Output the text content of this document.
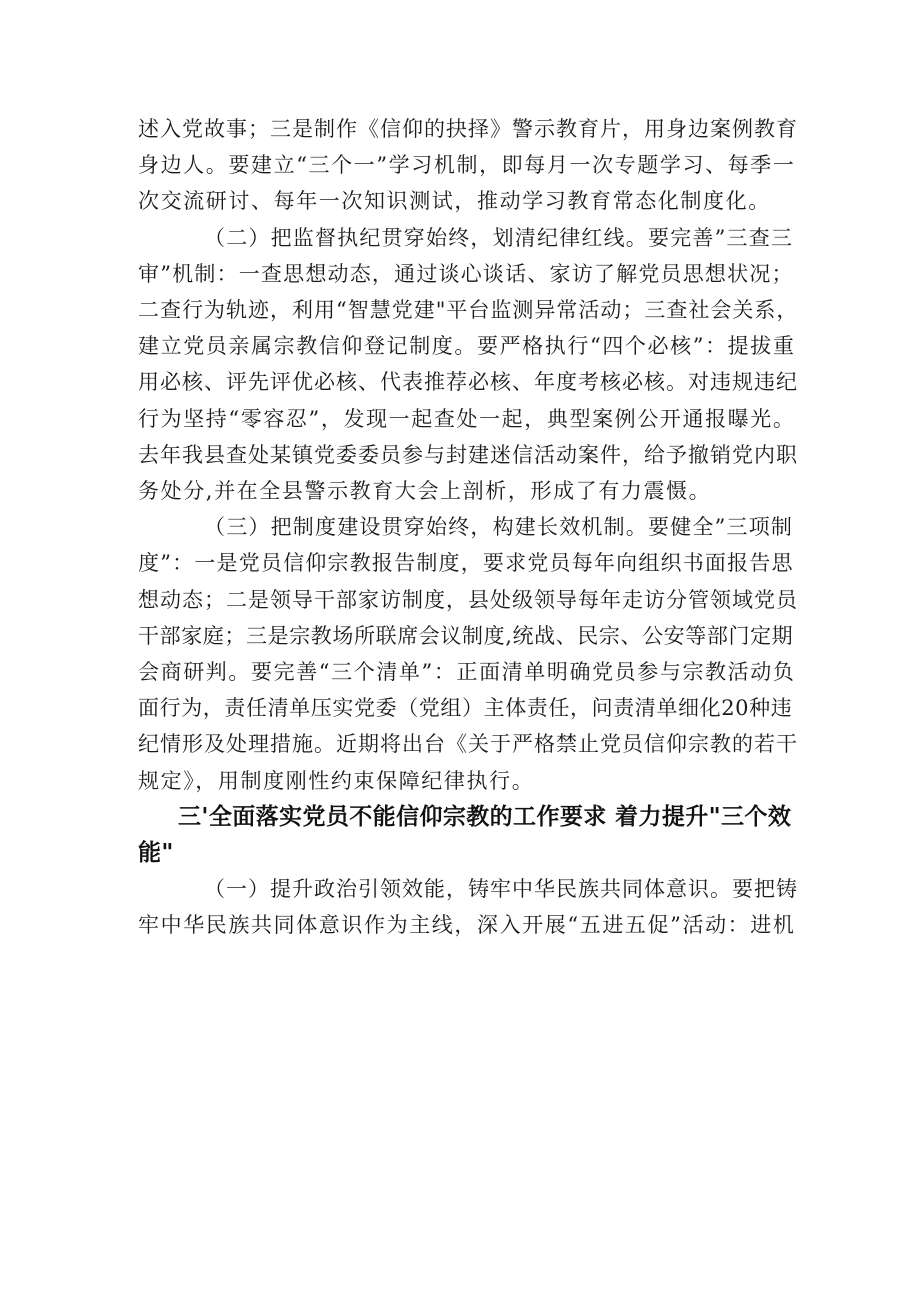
述入党故事；三是制作《信仰的抉择》警示教育片，用身边案例教育
身边人。要建立“三个一”学习机制，即每月一次专题学习、每季一
次交流研讨、每年一次知识测试，推动学习教育常态化制度化。

（二）把监督执纪贯穿始终，划清纪律红线。要完善”三查三
审”机制：一查思想动态，通过谈心谈话、家访了解党员思想状况；
二查行为轨迹，利用“智慧党建"平台监测异常活动；三查社会关系，
建立党员亲属宗教信仰登记制度。要严格执行“四个必核”：提拔重
用必核、评先评优必核、代表推荐必核、年度考核必核。对违规违纪
行为坚持“零容忍”，发现一起查处一起，典型案例公开通报曝光。
去年我县查处某镇党委委员参与封建迷信活动案件，给予撤销党内职
务处分,并在全县警示教育大会上剖析，形成了有力震慑。

（三）把制度建设贯穿始终，构建长效机制。要健全”三项制
度”：一是党员信仰宗教报告制度，要求党员每年向组织书面报告思
想动态；二是领导干部家访制度，县处级领导每年走访分管领域党员
干部家庭；三是宗教场所联席会议制度,统战、民宗、公安等部门定期
会商研判。要完善“三个清单”：正面清单明确党员参与宗教活动负
面行为，责任清单压实党委（党组）主体责任，问责清单细化20种违
纪情形及处理措施。近期将出台《关于严格禁止党员信仰宗教的若干
规定》，用制度刚性约束保障纪律执行。

三'全面落实党员不能信仰宗教的工作要求 着力提升"三个效
能"

（一）提升政治引领效能，铸牢中华民族共同体意识。要把铸
牢中华民族共同体意识作为主线，深入开展“五进五促”活动：进机
